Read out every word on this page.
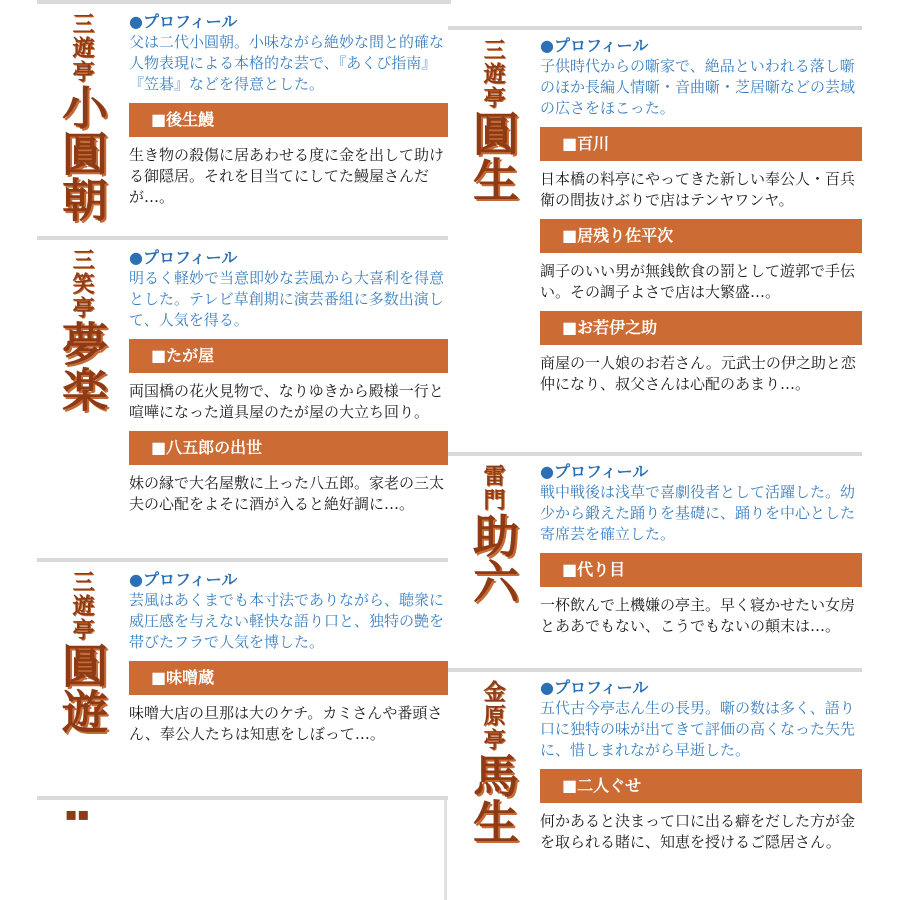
三遊亭
小圓朝
●プロフィール
父は二代小圓朝。小味ながら絶妙な間と的確な人物表現による本格的な芸で、『あくび指南』『笠碁』などを得意とした。
■後生鰻
生き物の殺傷に居あわせる度に金を出して助ける御隠居。それを目当てにしてた鰻屋さんだが…。
三笑亭
夢楽
●プロフィール
明るく軽妙で当意即妙な芸風から大喜利を得意とした。テレビ草創期に演芸番組に多数出演して、人気を得る。
■たが屋
両国橋の花火見物で、なりゆきから殿様一行と喧嘩になった道具屋のたが屋の大立ち回り。
■八五郎の出世
妹の縁で大名屋敷に上った八五郎。家老の三太夫の心配をよそに酒が入ると絶好調に…。
三遊亭
圓遊
●プロフィール
芸風はあくまでも本寸法でありながら、聴衆に威圧感を与えない軽快な語り口と、独特の艶を帯びたフラで人気を博した。
■味噌蔵
味噌大店の旦那は大のケチ。カミさんや番頭さん、奉公人たちは知恵をしぼって…。
▪▪
三遊亭
圓生
●プロフィール
子供時代からの噺家で、絶品といわれる落し噺のほか長編人情噺・音曲噺・芝居噺などの芸域の広さをほこった。
■百川
日本橋の料亭にやってきた新しい奉公人・百兵衛の間抜けぶりで店はテンヤワンヤ。
■居残り佐平次
調子のいい男が無銭飲食の罰として遊郭で手伝い。その調子よさで店は大繁盛…。
■お若伊之助
商屋の一人娘のお若さん。元武士の伊之助と恋仲になり、叔父さんは心配のあまり…。
雷門
助六
●プロフィール
戦中戦後は浅草で喜劇役者として活躍した。幼少から鍛えた踊りを基礎に、踊りを中心とした寄席芸を確立した。
■代り目
一杯飲んで上機嫌の亭主。早く寝かせたい女房とああでもない、こうでもないの顛末は…。
金原亭
馬生
●プロフィール
五代古今亭志ん生の長男。噺の数は多く、語り口に独特の味が出てきて評価の高くなった矢先に、惜しまれながら早逝した。
■二人ぐせ
何かあると決まって口に出る癖をだした方が金を取られる賭に、知恵を授けるご隠居さん。
